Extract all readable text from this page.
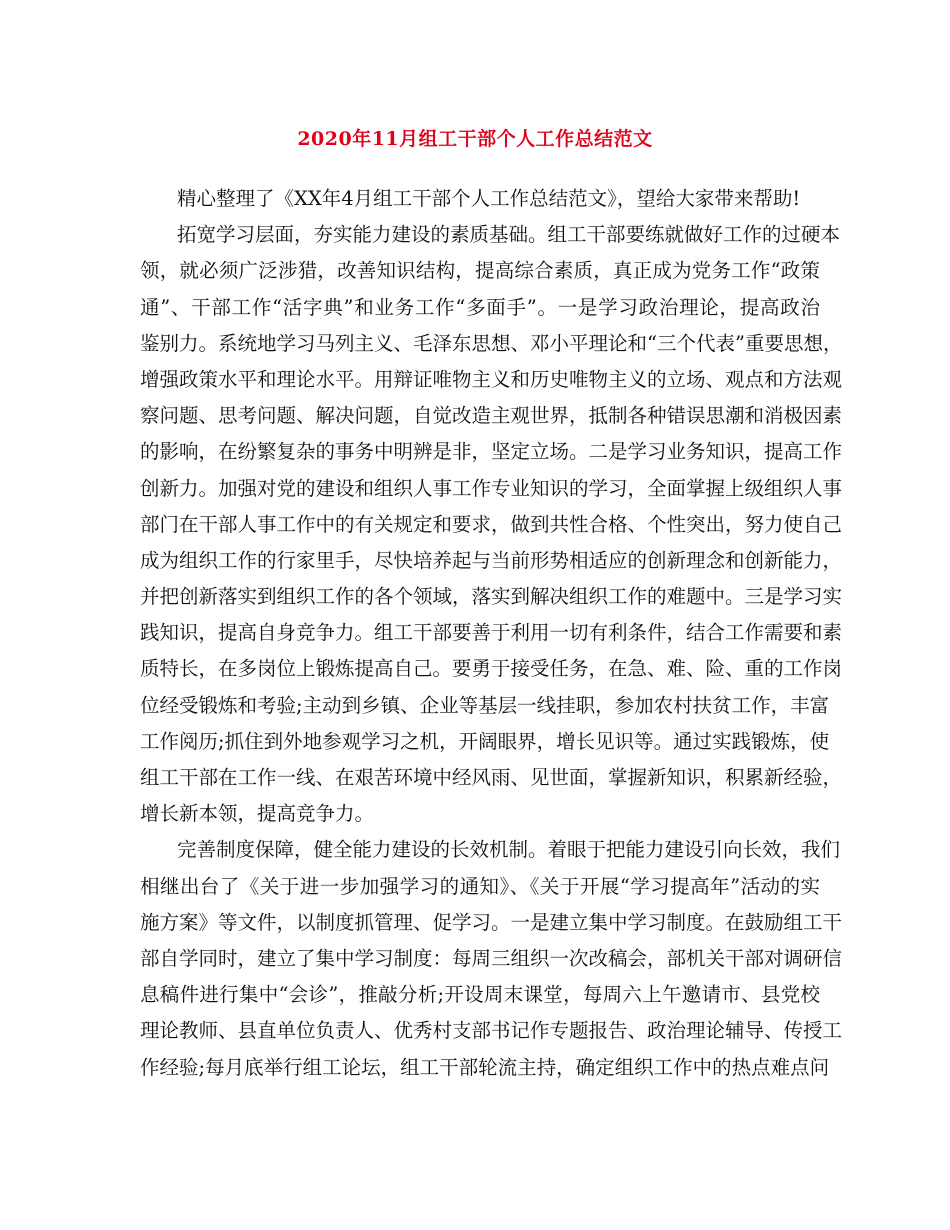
2020年11月组工干部个人工作总结范文
精心整理了《XX年4月组工干部个人工作总结范文》，望给大家带来帮助!
拓宽学习层面，夯实能力建设的素质基础。组工干部要练就做好工作的过硬本
领，就必须广泛涉猎，改善知识结构，提高综合素质，真正成为党务工作“政策
通”、干部工作“活字典”和业务工作“多面手”。一是学习政治理论，提高政治
鉴别力。系统地学习马列主义、毛泽东思想、邓小平理论和“三个代表”重要思想，
增强政策水平和理论水平。用辩证唯物主义和历史唯物主义的立场、观点和方法观
察问题、思考问题、解决问题，自觉改造主观世界，抵制各种错误思潮和消极因素
的影响，在纷繁复杂的事务中明辨是非，坚定立场。二是学习业务知识，提高工作
创新力。加强对党的建设和组织人事工作专业知识的学习，全面掌握上级组织人事
部门在干部人事工作中的有关规定和要求，做到共性合格、个性突出，努力使自己
成为组织工作的行家里手，尽快培养起与当前形势相适应的创新理念和创新能力，
并把创新落实到组织工作的各个领域，落实到解决组织工作的难题中。三是学习实
践知识，提高自身竞争力。组工干部要善于利用一切有利条件，结合工作需要和素
质特长，在多岗位上锻炼提高自己。要勇于接受任务，在急、难、险、重的工作岗
位经受锻炼和考验;主动到乡镇、企业等基层一线挂职，参加农村扶贫工作，丰富
工作阅历;抓住到外地参观学习之机，开阔眼界，增长见识等。通过实践锻炼，使
组工干部在工作一线、在艰苦环境中经风雨、见世面，掌握新知识，积累新经验，
增长新本领，提高竞争力。
完善制度保障，健全能力建设的长效机制。着眼于把能力建设引向长效，我们
相继出台了《关于进一步加强学习的通知》、《关于开展“学习提高年”活动的实
施方案》等文件，以制度抓管理、促学习。一是建立集中学习制度。在鼓励组工干
部自学同时，建立了集中学习制度：每周三组织一次改稿会，部机关干部对调研信
息稿件进行集中“会诊”，推敲分析;开设周末课堂，每周六上午邀请市、县党校
理论教师、县直单位负责人、优秀村支部书记作专题报告、政治理论辅导、传授工
作经验;每月底举行组工论坛，组工干部轮流主持，确定组织工作中的热点难点问
